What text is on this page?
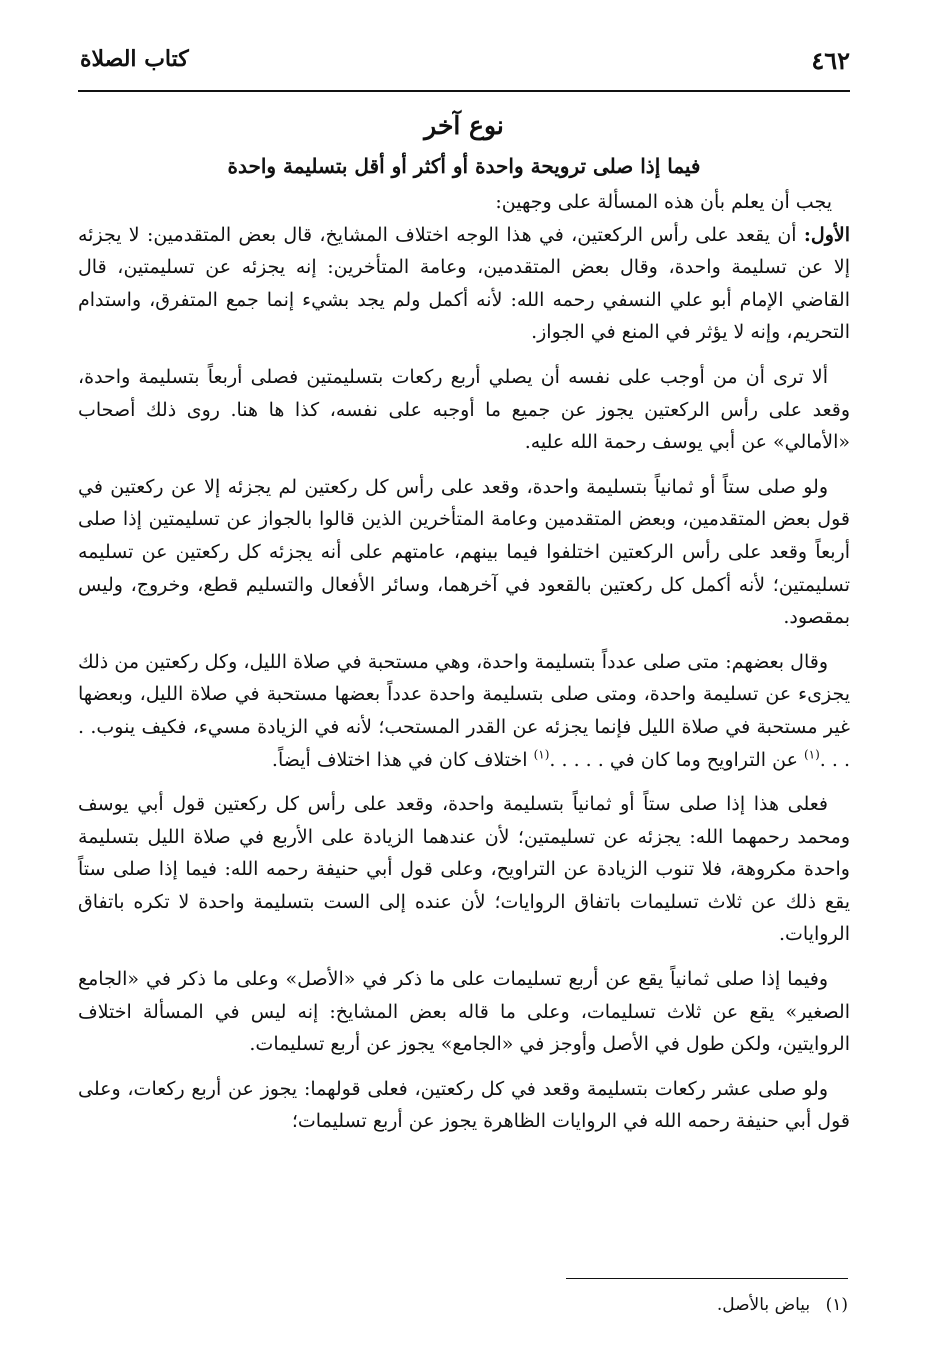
٤٦٢
كتاب الصلاة
نوع آخر
فيما إذا صلى ترويحة واحدة أو أكثر أو أقل بتسليمة واحدة

يجب أن يعلم بأن هذه المسألة على وجهين:

الأول: أن يقعد على رأس الركعتين، في هذا الوجه اختلاف المشايخ، قال بعض المتقدمين: لا يجزئه إلا عن تسليمة واحدة، وقال بعض المتقدمين، وعامة المتأخرين: إنه يجزئه عن تسليمتين، قال القاضي الإمام أبو علي النسفي رحمه الله: لأنه أكمل ولم يجد بشيء إنما جمع المتفرق، واستدام التحريم، وإنه لا يؤثر في المنع في الجواز.

ألا ترى أن من أوجب على نفسه أن يصلي أربع ركعات بتسليمتين فصلى أربعاً بتسليمة واحدة، وقعد على رأس الركعتين يجوز عن جميع ما أوجبه على نفسه، كذا ها هنا. روى ذلك أصحاب «الأمالي» عن أبي يوسف رحمة الله عليه.

ولو صلى ستاً أو ثمانياً بتسليمة واحدة، وقعد على رأس كل ركعتين لم يجزئه إلا عن ركعتين في قول بعض المتقدمين، وبعض المتقدمين وعامة المتأخرين الذين قالوا بالجواز عن تسليمتين إذا صلى أربعاً وقعد على رأس الركعتين اختلفوا فيما بينهم، عامتهم على أنه يجزئه كل ركعتين عن تسليمه تسليمتين؛ لأنه أكمل كل ركعتين بالقعود في آخرهما، وسائر الأفعال والتسليم قطع، وخروج، وليس بمقصود.

وقال بعضهم: متى صلى عدداً بتسليمة واحدة، وهي مستحبة في صلاة الليل، وكل ركعتين من ذلك يجزىء عن تسليمة واحدة، ومتى صلى بتسليمة واحدة عدداً بعضها مستحبة في صلاة الليل، وبعضها غير مستحبة في صلاة الليل فإنما يجزئه عن القدر المستحب؛ لأنه في الزيادة مسيء، فكيف ينوب. . . . .$^{(١)}$ عن التراويح وما كان في . . . . .$^{(١)}$ اختلاف كان في هذا اختلاف أيضاً.

فعلى هذا إذا صلى ستاً أو ثمانياً بتسليمة واحدة، وقعد على رأس كل ركعتين قول أبي يوسف ومحمد رحمهما الله: يجزئه عن تسليمتين؛ لأن عندهما الزيادة على الأربع في صلاة الليل بتسليمة واحدة مكروهة، فلا تنوب الزيادة عن التراويح، وعلى قول أبي حنيفة رحمه الله: فيما إذا صلى ستاً يقع ذلك عن ثلاث تسليمات باتفاق الروايات؛ لأن عنده إلى الست بتسليمة واحدة لا تكره باتفاق الروايات.

وفيما إذا صلى ثمانياً يقع عن أربع تسليمات على ما ذكر في «الأصل» وعلى ما ذكر في «الجامع الصغير» يقع عن ثلاث تسليمات، وعلى ما قاله بعض المشايخ: إنه ليس في المسألة اختلاف الروايتين، ولكن طول في الأصل وأوجز في «الجامع» يجوز عن أربع تسليمات.

ولو صلى عشر ركعات بتسليمة وقعد في كل ركعتين، فعلى قولهما: يجوز عن أربع ركعات، وعلى قول أبي حنيفة رحمه الله في الروايات الظاهرة يجوز عن أربع تسليمات؛

(١) بياض بالأصل.
